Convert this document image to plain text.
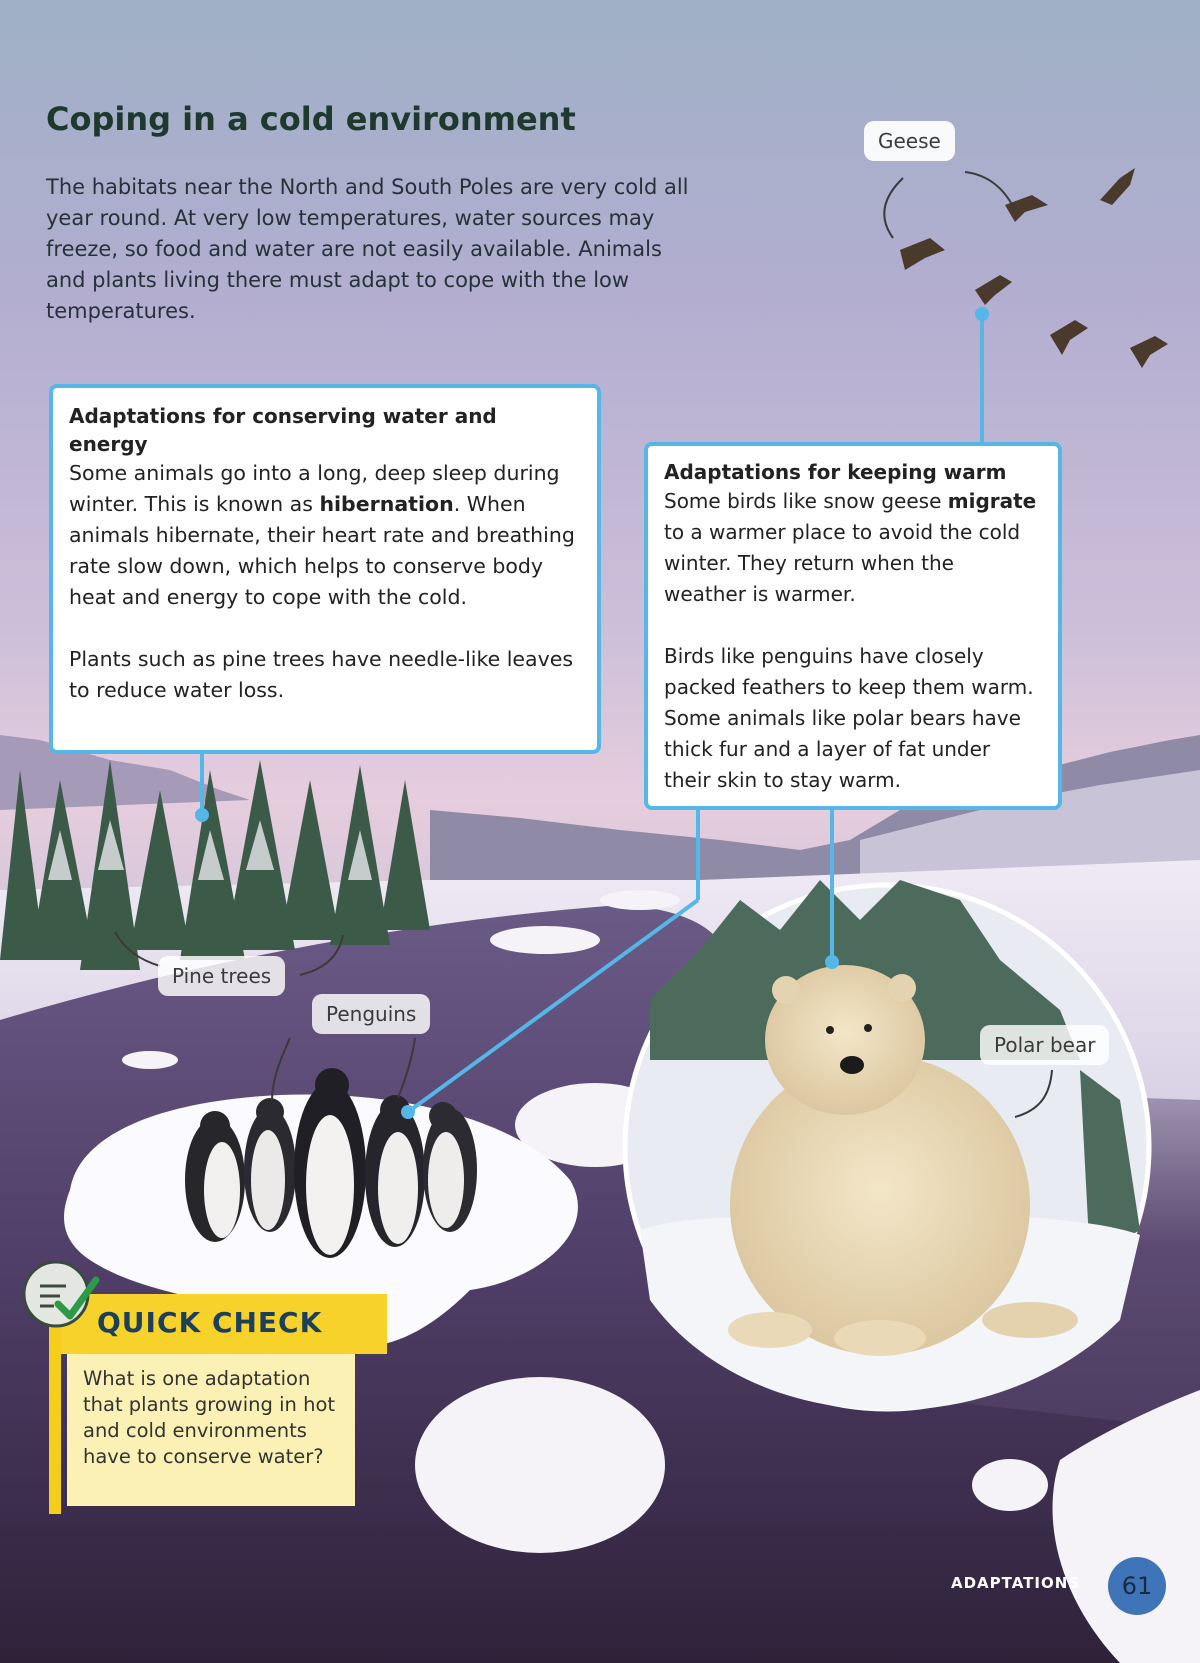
Coping in a cold environment

The habitats near the North and South Poles are very cold all year round. At very low temperatures, water sources may freeze, so food and water are not easily available. Animals and plants living there must adapt to cope with the low temperatures.

Adaptations for conserving water and
energy

Some animals go into a long, deep sleep during winter. This is known as hibernation. When animals hibernate, their heart rate and breathing rate slow down, which helps to conserve body heat and energy to cope with the cold.

Plants such as pine trees have needle-like leaves to reduce water loss.

Adaptations for keeping warm

Some birds like snow geese migrate to a warmer place to avoid the cold winter. They return when the weather is warmer.

Birds like penguins have closely packed feathers to keep them warm. Some animals like polar bears have thick fur and a layer of fat under their skin to stay warm.

Geese
Pine trees
Penguins
Polar bear
QUICK CHECK

What is one adaptation that plants growing in hot and cold environments have to conserve water?

ADAPTATIONS	61
